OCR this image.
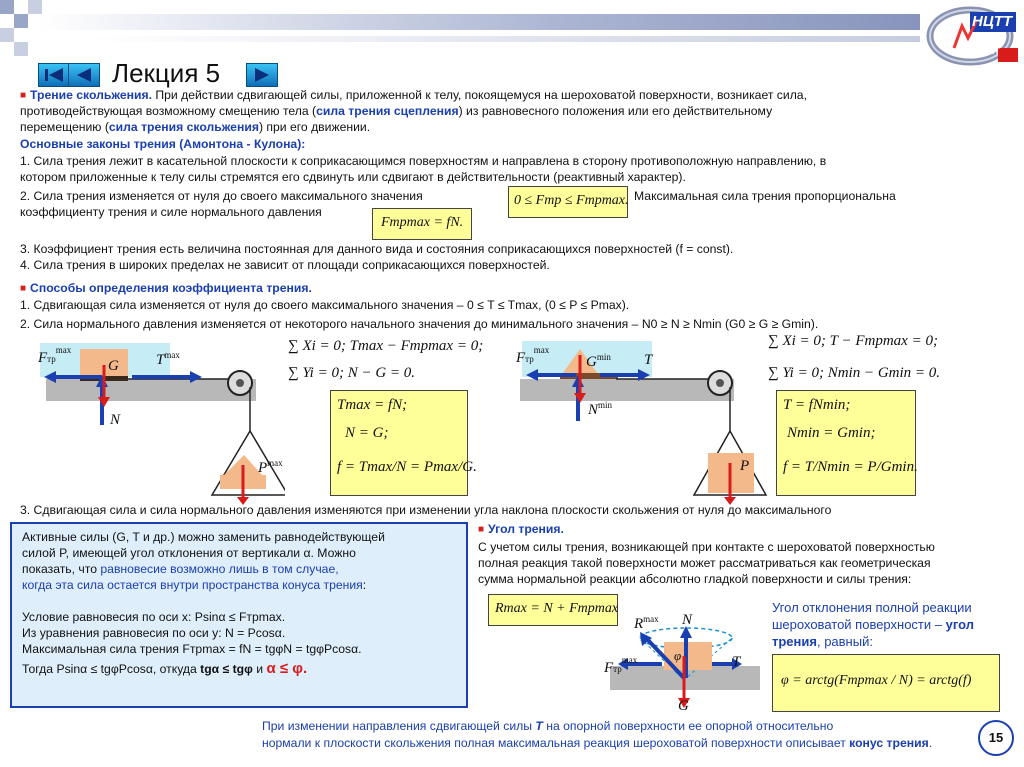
НЦТТ
МИИТ
Лекция 5
■ Трение скольжения. При действии сдвигающей силы, приложенной к телу, покоящемуся на шероховатой поверхности, возникает сила,
противодействующая возможному смещению тела (сила трения сцепления) из равновесного положения или его действительному
перемещению (сила трения скольжения) при его движении.
Основные законы трения (Амонтона - Кулона):
1. Сила трения лежит в касательной плоскости к соприкасающимся поверхностям и направлена в сторону противоположную направлению, в
котором приложенные к телу силы стремятся его сдвинуть или сдвигают в действительности (реактивный характер).
2. Сила трения изменяется от нуля до своего максимального значения	Максимальная сила трения пропорциональна
коэффициенту трения и силе нормального давления
0 ≤ Fтр ≤ Fтрmax.
Fтрmax = fN.
3. Коэффициент трения есть величина постоянная для данного вида и состояния соприкасающихся поверхностей (f = const).
4. Сила трения в широких пределах не зависит от площади соприкасающихся поверхностей.
■ Способы определения коэффициента трения.
1. Сдвигающая сила изменяется от нуля до своего максимального значения – 0 ≤ T ≤ Tmax, (0 ≤ P ≤ Pmax).
2. Сила нормального давления изменяется от некоторого начального значения до минимального значения – N0 ≥ N ≥ Nmin (G0 ≥ G ≥ Gmin).
Fтр$^{max}$
G $T^{max}$
N
$P^{max}$
∑ Xi = 0; Tmax − Fтрmax = 0;
∑ Yi = 0; N − G = 0.
Tmax = fN;
N = G;
f = Tmax/N = Pmax/G.
Fтр$^{max}$
$G^{min}$ T
$N^{min}$
P
∑ Xi = 0; T − Fтрmax = 0;
∑ Yi = 0; Nmin − Gmin = 0.
T = fNmin;
Nmin = Gmin;
f = T/Nmin = P/Gmin.
3. Сдвигающая сила и сила нормального давления изменяются при изменении угла наклона плоскости скольжения от нуля до максимального
Активные силы (G, T и др.) можно заменить равнодействующей
силой P, имеющей угол отклонения от вертикали α. Можно
показать, что равновесие возможно лишь в том случае,
когда эта сила остается внутри пространства конуса трения:
Условие равновесия по оси x: Psinα ≤ Fтрmax.
Из уравнения равновесия по оси y: N = Pcosα.
Максимальная сила трения Fтрmax = fN = tgφN = tgφPcosα.
Тогда Psinα ≤ tgφPcosα, откуда tgα ≤ tgφ и α ≤ φ.
■ Угол трения.
С учетом силы трения, возникающей при контакте с шероховатой поверхностью
полная реакция такой поверхности может рассматриваться как геометрическая
сумма нормальной реакции абсолютно гладкой поверхности и силы трения:
Rmax = N + Fтрmax
$R^{max}$ N
φ	T
Fтр$^{max}$
G
Угол отклонения полной реакции
шероховатой поверхности – угол
трения, равный:
φ = arctg(Fтрmax / N) = arctg(f)
При изменении направления сдвигающей силы T на опорной поверхности ее опорной относительно
нормали к плоскости скольжения полная максимальная реакция шероховатой поверхности описывает конус трения.	15
